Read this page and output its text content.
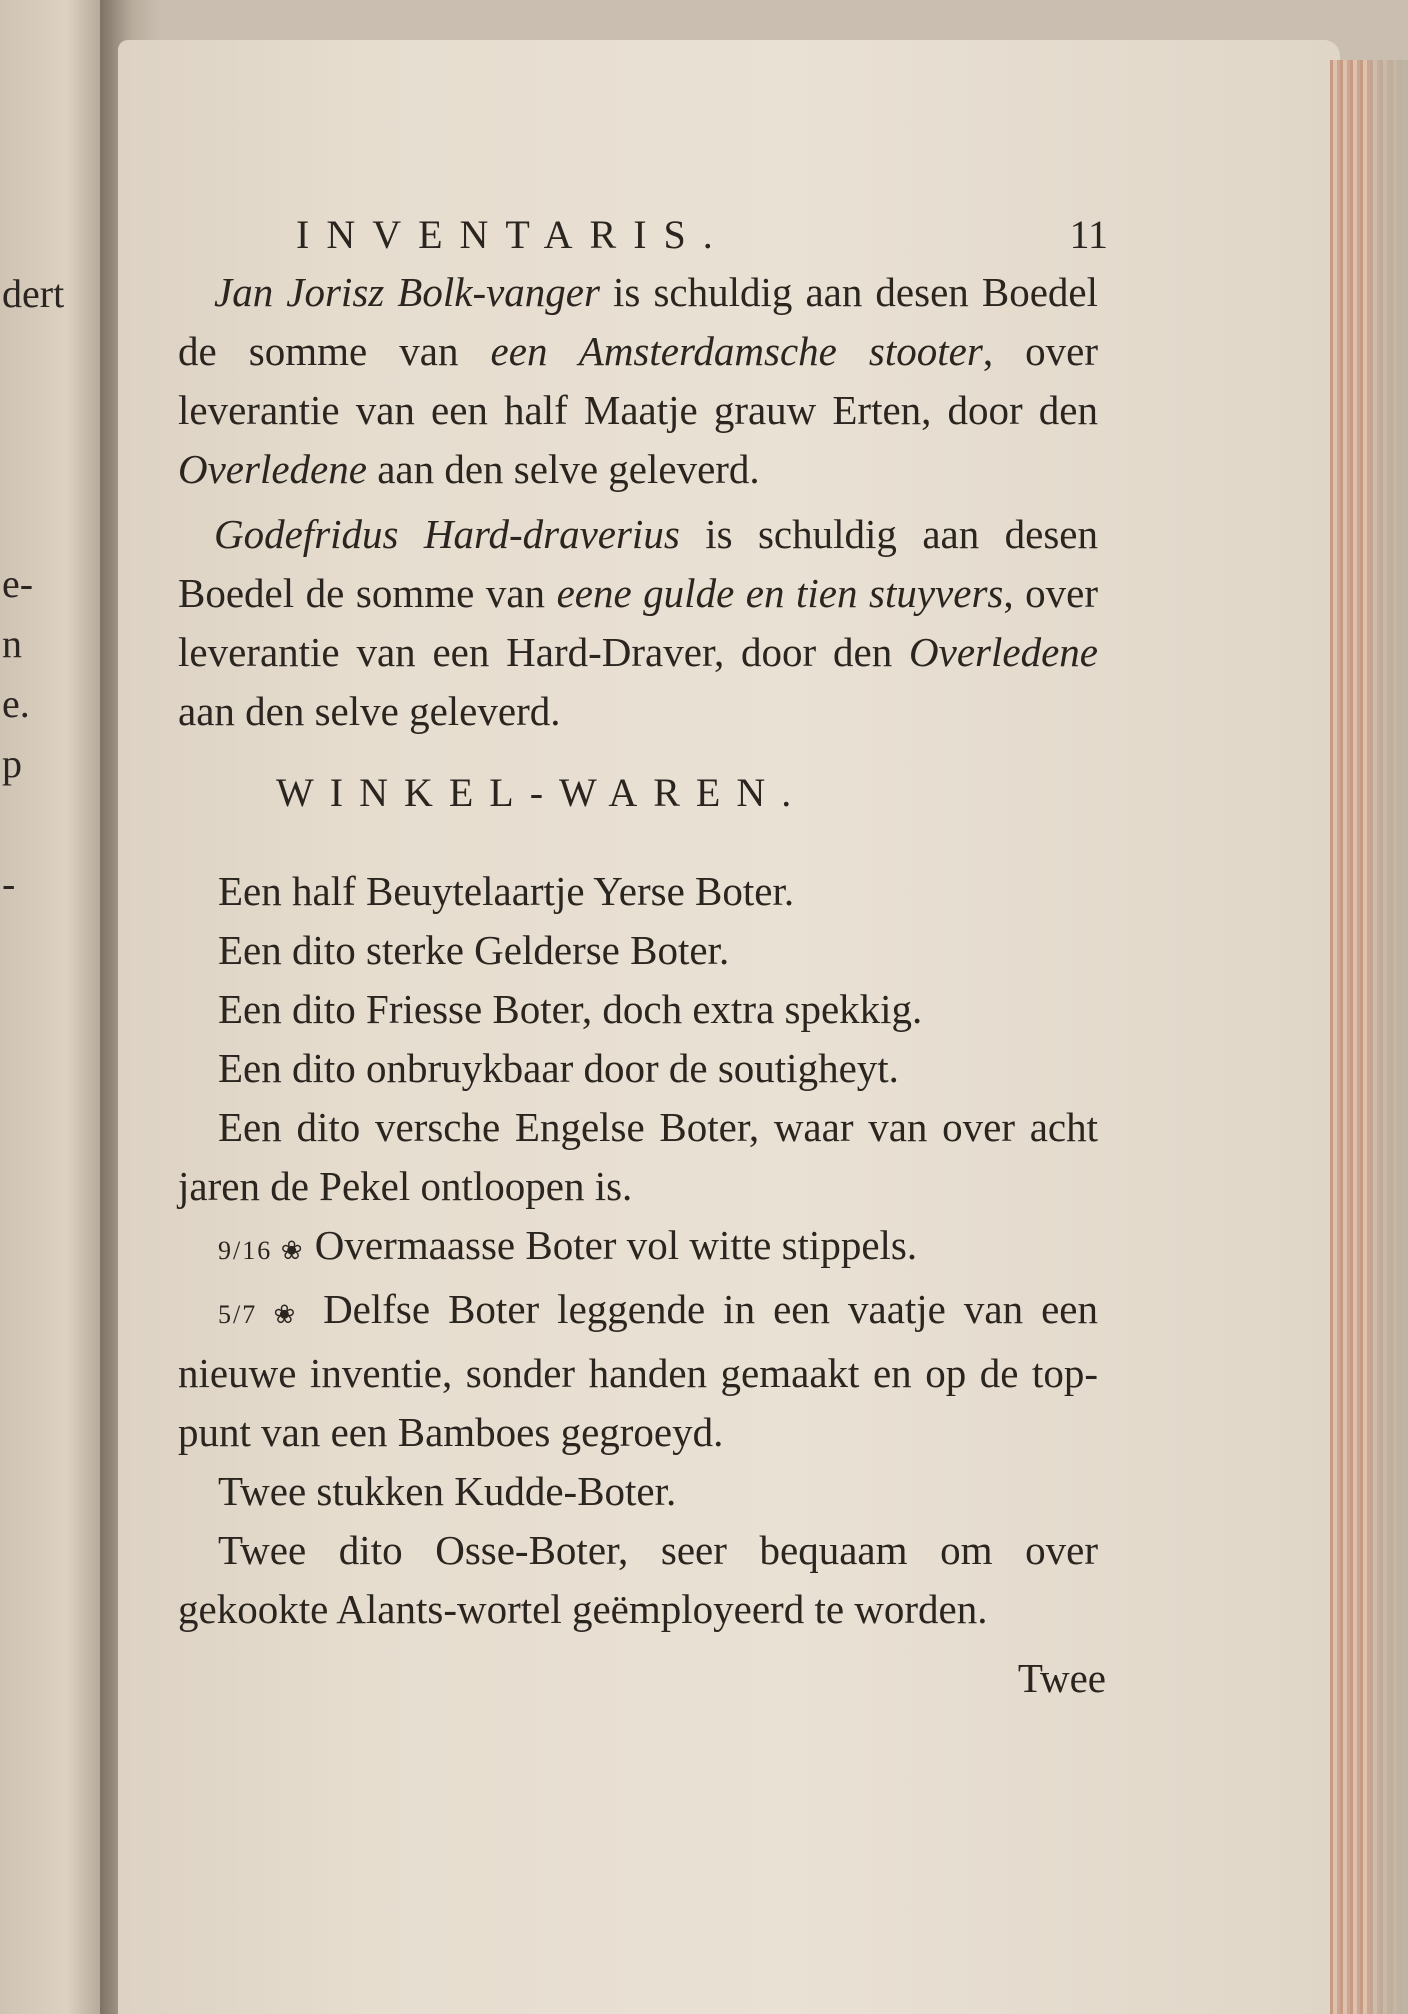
dert
e-
n
e.
p
-
INVENTARIS.	11

Jan Jorisz Bolk-vanger is schuldig aan desen Boedel de somme van een Amsterdamsche stooter, over leverantie van een half Maatje grauw Erten, door den Overledene aan den selve geleverd.

Godefridus Hard-draverius is schuldig aan desen Boedel de somme van eene gulde en tien stuyvers, over leverantie van een Hard-Draver, door den Overledene aan den selve geleverd.

WINKEL-WAREN.

Een half Beuytelaartje Yerse Boter.

Een dito sterke Gelderse Boter.

Een dito Friesse Boter, doch extra spekkig.

Een dito onbruykbaar door de soutigheyt.

Een dito versche Engelse Boter, waar van over acht jaren de Pekel ontloopen is.

9/16 ❀ Overmaasse Boter vol witte stippels.

5/7 ❀ Delfse Boter leggende in een vaatje van een nieuwe inventie, sonder handen gemaakt en op de top-punt van een Bamboes gegroeyd.

Twee stukken Kudde-Boter.

Twee dito Osse-Boter, seer bequaam om over gekookte Alants-wortel geëmployeerd te worden.

Twee
